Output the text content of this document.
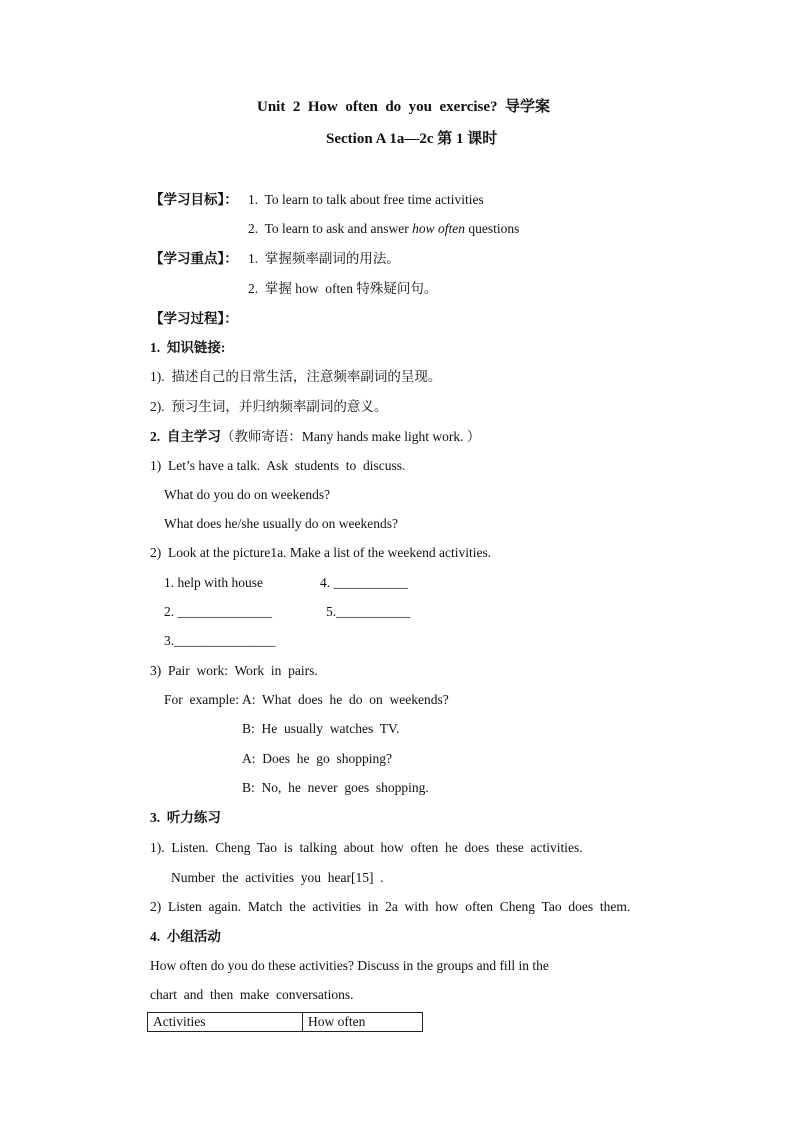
Unit  2  How  often  do  you  exercise?  导学案
Section A 1a—2c 第 1 课时
【学习目标】： 1.  To learn to talk about free time activities
2.  To learn to ask and answer how often questions
【学习重点】： 1.  掌握频率副词的用法。
2.  掌握 how  often 特殊疑问句。
【学习过程】：
1.  知识链接:
1).  描述自己的日常生活，注意频率副词的呈现。
2).  预习生词，并归纳频率副词的意义。
2.  自主学习（教师寄语：Many hands make light work. ）
1)  Let’s have a talk.  Ask  students  to  discuss.
What do you do on weekends?
What does he/she usually do on weekends?
2)  Look at the picture1a. Make a list of the weekend activities.
1. help with house	4. ___________
2. ______________	5.___________
3._______________
3)  Pair  work:  Work  in  pairs.
For  example:
A:  What  does  he  do  on  weekends?
B:  He  usually  watches  TV.
A:  Does  he  go  shopping?
B:  No,  he  never  goes  shopping.
3.  听力练习
1).  Listen.  Cheng  Tao  is  talking  about  how  often  he  does  these  activities.
Number  the  activities  you  hear[15]  .
2)  Listen  again.  Match  the  activities  in  2a  with  how  often  Cheng  Tao  does  them.
4.  小组活动
How often do you do these activities? Discuss in the groups and fill in the
chart  and  then  make  conversations.
Activities	How often
